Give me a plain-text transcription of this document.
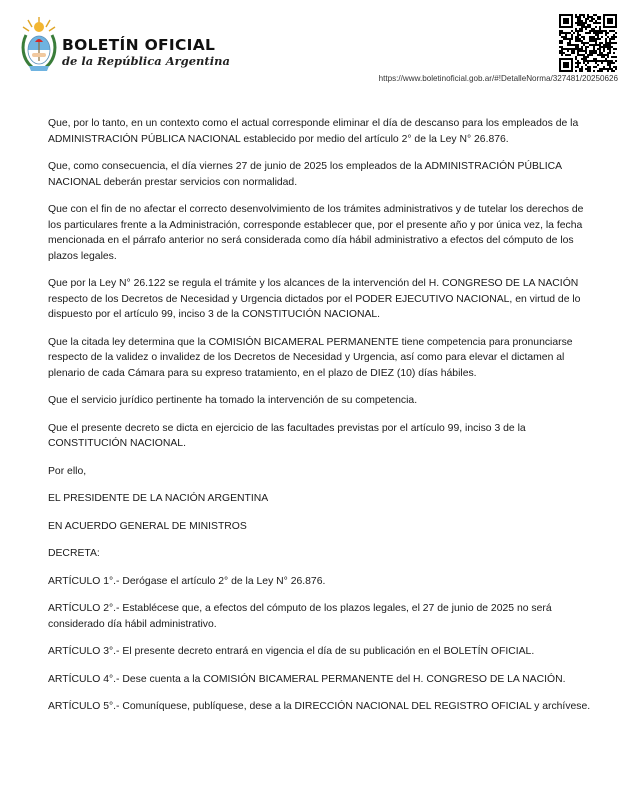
BOLETÍN OFICIAL
de la República Argentina
https://www.boletinoficial.gob.ar/#!DetalleNorma/327481/20250626

Que, por lo tanto, en un contexto como el actual corresponde eliminar el día de descanso para los empleados de la ADMINISTRACIÓN PÚBLICA NACIONAL establecido por medio del artículo 2° de la Ley N° 26.876.

Que, como consecuencia, el día viernes 27 de junio de 2025 los empleados de la ADMINISTRACIÓN PÚBLICA NACIONAL deberán prestar servicios con normalidad.

Que con el fin de no afectar el correcto desenvolvimiento de los trámites administrativos y de tutelar los derechos de los particulares frente a la Administración, corresponde establecer que, por el presente año y por única vez, la fecha mencionada en el párrafo anterior no será considerada como día hábil administrativo a efectos del cómputo de los plazos legales.

Que por la Ley N° 26.122 se regula el trámite y los alcances de la intervención del H. CONGRESO DE LA NACIÓN respecto de los Decretos de Necesidad y Urgencia dictados por el PODER EJECUTIVO NACIONAL, en virtud de lo dispuesto por el artículo 99, inciso 3 de la CONSTITUCIÓN NACIONAL.

Que la citada ley determina que la COMISIÓN BICAMERAL PERMANENTE tiene competencia para pronunciarse respecto de la validez o invalidez de los Decretos de Necesidad y Urgencia, así como para elevar el dictamen al plenario de cada Cámara para su expreso tratamiento, en el plazo de DIEZ (10) días hábiles.

Que el servicio jurídico pertinente ha tomado la intervención de su competencia.

Que el presente decreto se dicta en ejercicio de las facultades previstas por el artículo 99, inciso 3 de la CONSTITUCIÓN NACIONAL.

Por ello,

EL PRESIDENTE DE LA NACIÓN ARGENTINA

EN ACUERDO GENERAL DE MINISTROS

DECRETA:

ARTÍCULO 1°.- Derógase el artículo 2° de la Ley N° 26.876.

ARTÍCULO 2°.- Establécese que, a efectos del cómputo de los plazos legales, el 27 de junio de 2025 no será considerado día hábil administrativo.

ARTÍCULO 3°.- El presente decreto entrará en vigencia el día de su publicación en el BOLETÍN OFICIAL.

ARTÍCULO 4°.- Dese cuenta a la COMISIÓN BICAMERAL PERMANENTE del H. CONGRESO DE LA NACIÓN.

ARTÍCULO 5°.- Comuníquese, publíquese, dese a la DIRECCIÓN NACIONAL DEL REGISTRO OFICIAL y archívese.
